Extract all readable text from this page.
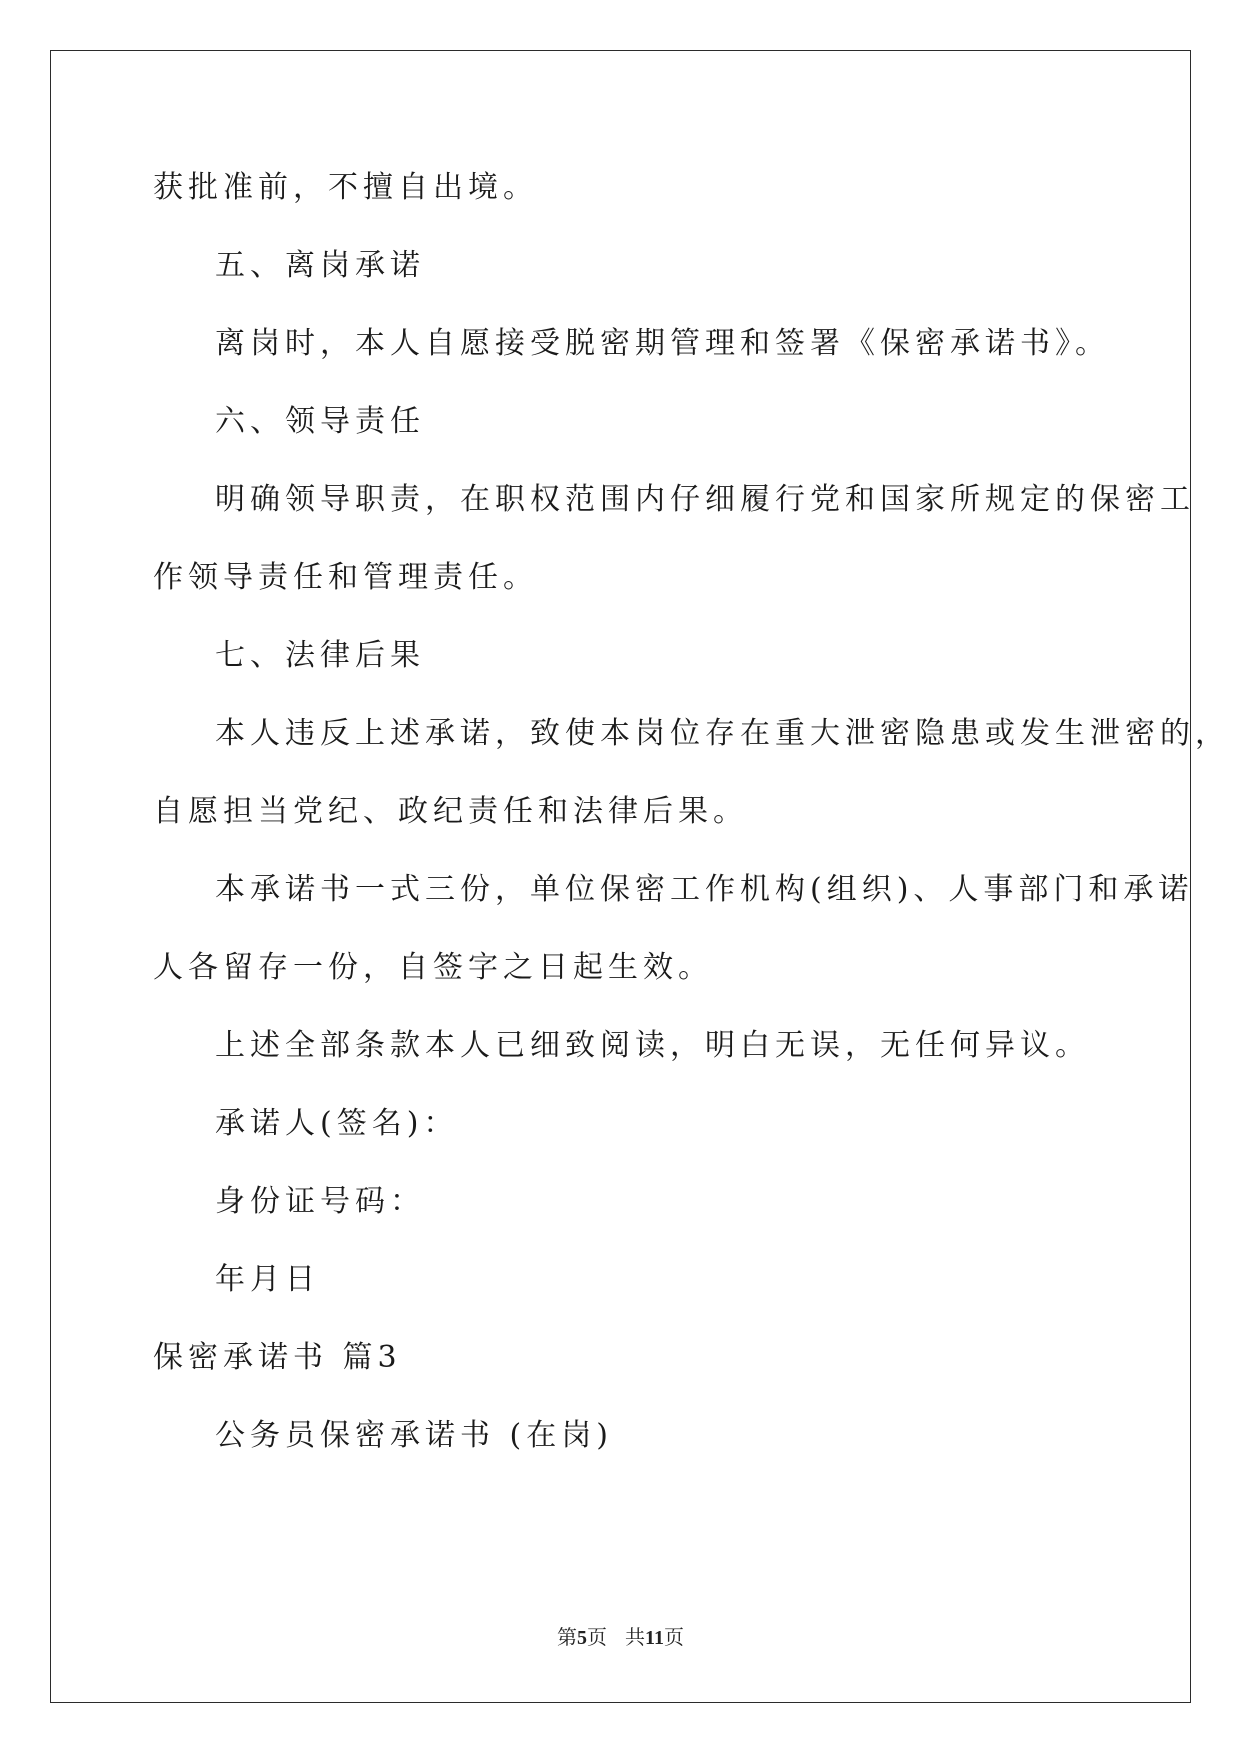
获批准前，不擅自出境。
五、离岗承诺
离岗时，本人自愿接受脱密期管理和签署《保密承诺书》。
六、领导责任
明确领导职责，在职权范围内仔细履行党和国家所规定的保密工
作领导责任和管理责任。
七、法律后果
本人违反上述承诺，致使本岗位存在重大泄密隐患或发生泄密的，
自愿担当党纪、政纪责任和法律后果。
本承诺书一式三份，单位保密工作机构(组织)、人事部门和承诺
人各留存一份，自签字之日起生效。
上述全部条款本人已细致阅读，明白无误，无任何异议。
承诺人(签名)：
身份证号码：
年月日
保密承诺书 篇3
公务员保密承诺书 (在岗)
第5页 共11页
